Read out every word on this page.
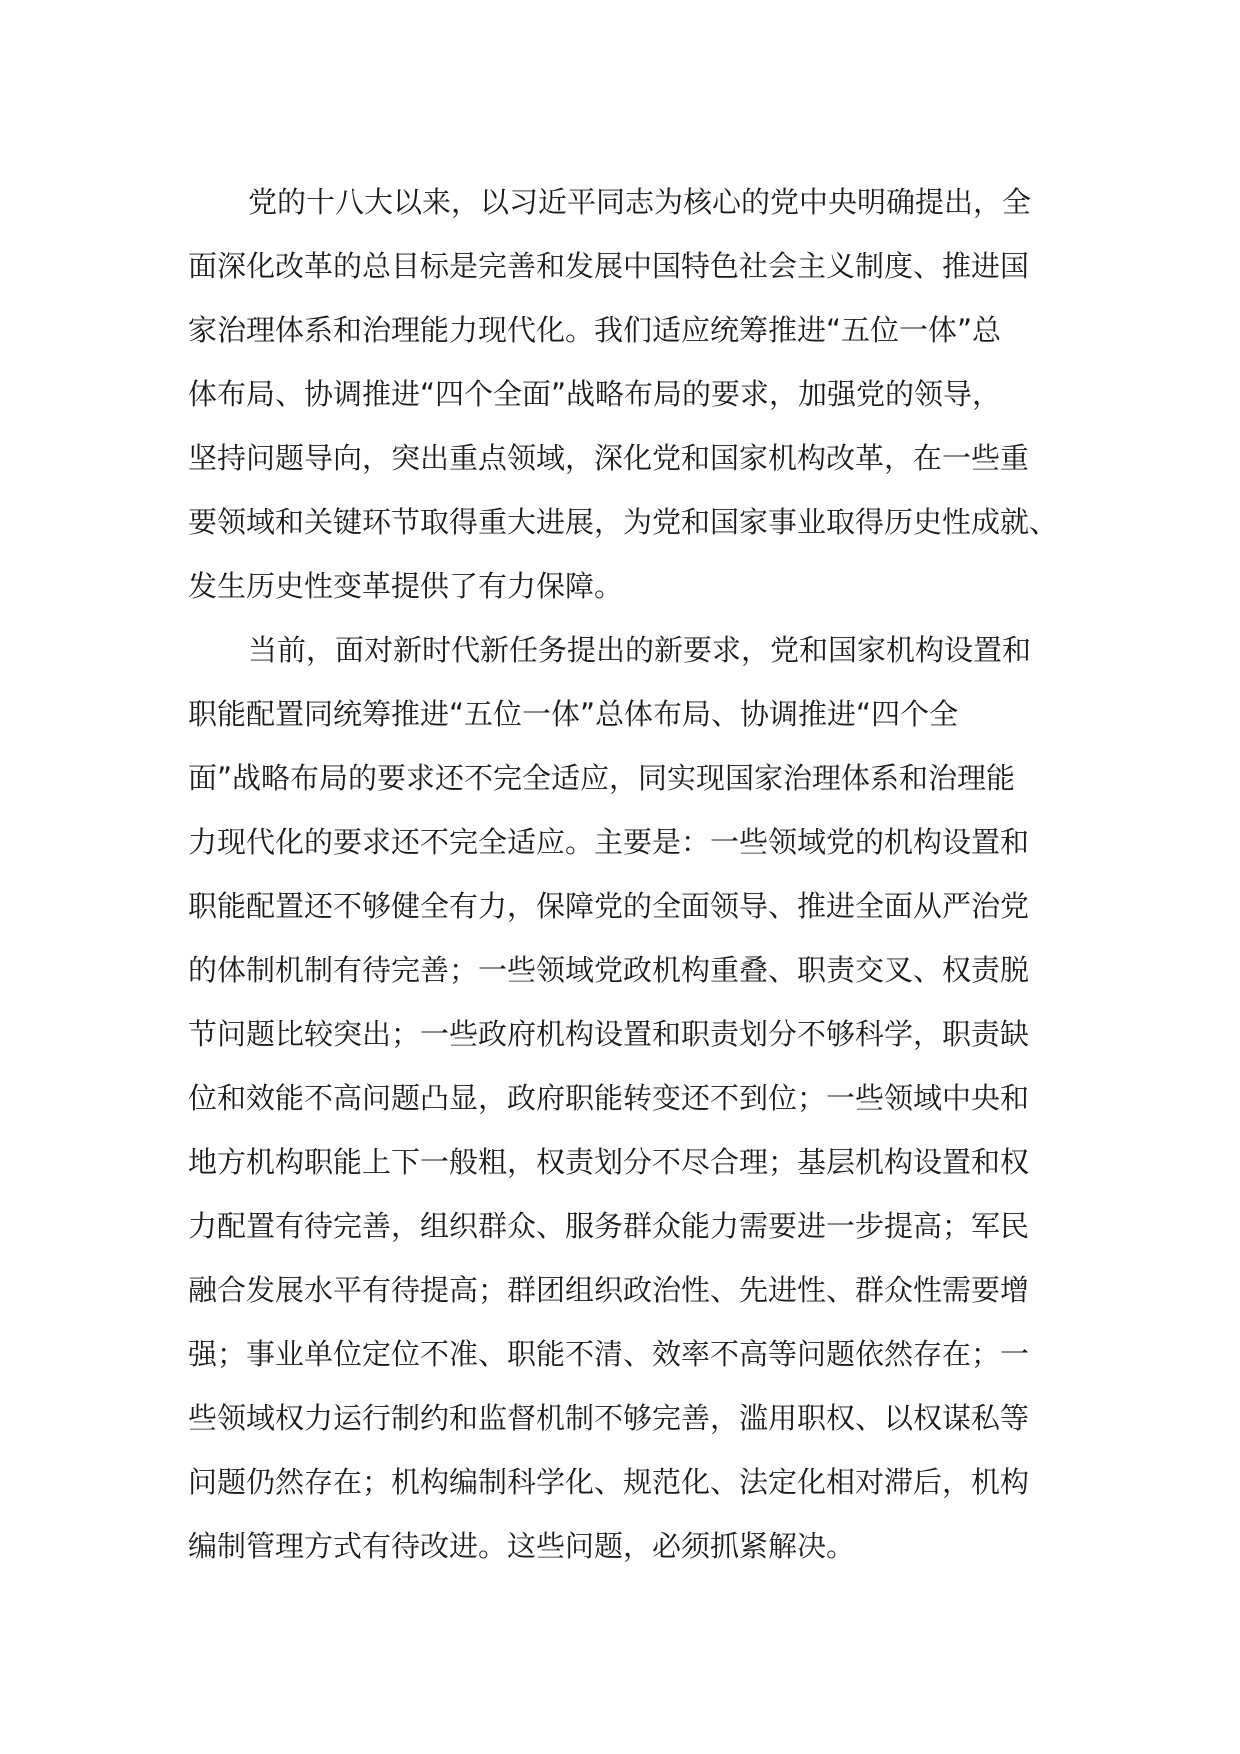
党的十八大以来，以习近平同志为核心的党中央明确提出，全
面深化改革的总目标是完善和发展中国特色社会主义制度、推进国
家治理体系和治理能力现代化。我们适应统筹推进“五位一体”总
体布局、协调推进“四个全面”战略布局的要求，加强党的领导，
坚持问题导向，突出重点领域，深化党和国家机构改革，在一些重
要领域和关键环节取得重大进展，为党和国家事业取得历史性成就、
发生历史性变革提供了有力保障。
当前，面对新时代新任务提出的新要求，党和国家机构设置和
职能配置同统筹推进“五位一体”总体布局、协调推进“四个全
面”战略布局的要求还不完全适应，同实现国家治理体系和治理能
力现代化的要求还不完全适应。主要是：一些领域党的机构设置和
职能配置还不够健全有力，保障党的全面领导、推进全面从严治党
的体制机制有待完善；一些领域党政机构重叠、职责交叉、权责脱
节问题比较突出；一些政府机构设置和职责划分不够科学，职责缺
位和效能不高问题凸显，政府职能转变还不到位；一些领域中央和
地方机构职能上下一般粗，权责划分不尽合理；基层机构设置和权
力配置有待完善，组织群众、服务群众能力需要进一步提高；军民
融合发展水平有待提高；群团组织政治性、先进性、群众性需要增
强；事业单位定位不准、职能不清、效率不高等问题依然存在；一
些领域权力运行制约和监督机制不够完善，滥用职权、以权谋私等
问题仍然存在；机构编制科学化、规范化、法定化相对滞后，机构
编制管理方式有待改进。这些问题，必须抓紧解决。
